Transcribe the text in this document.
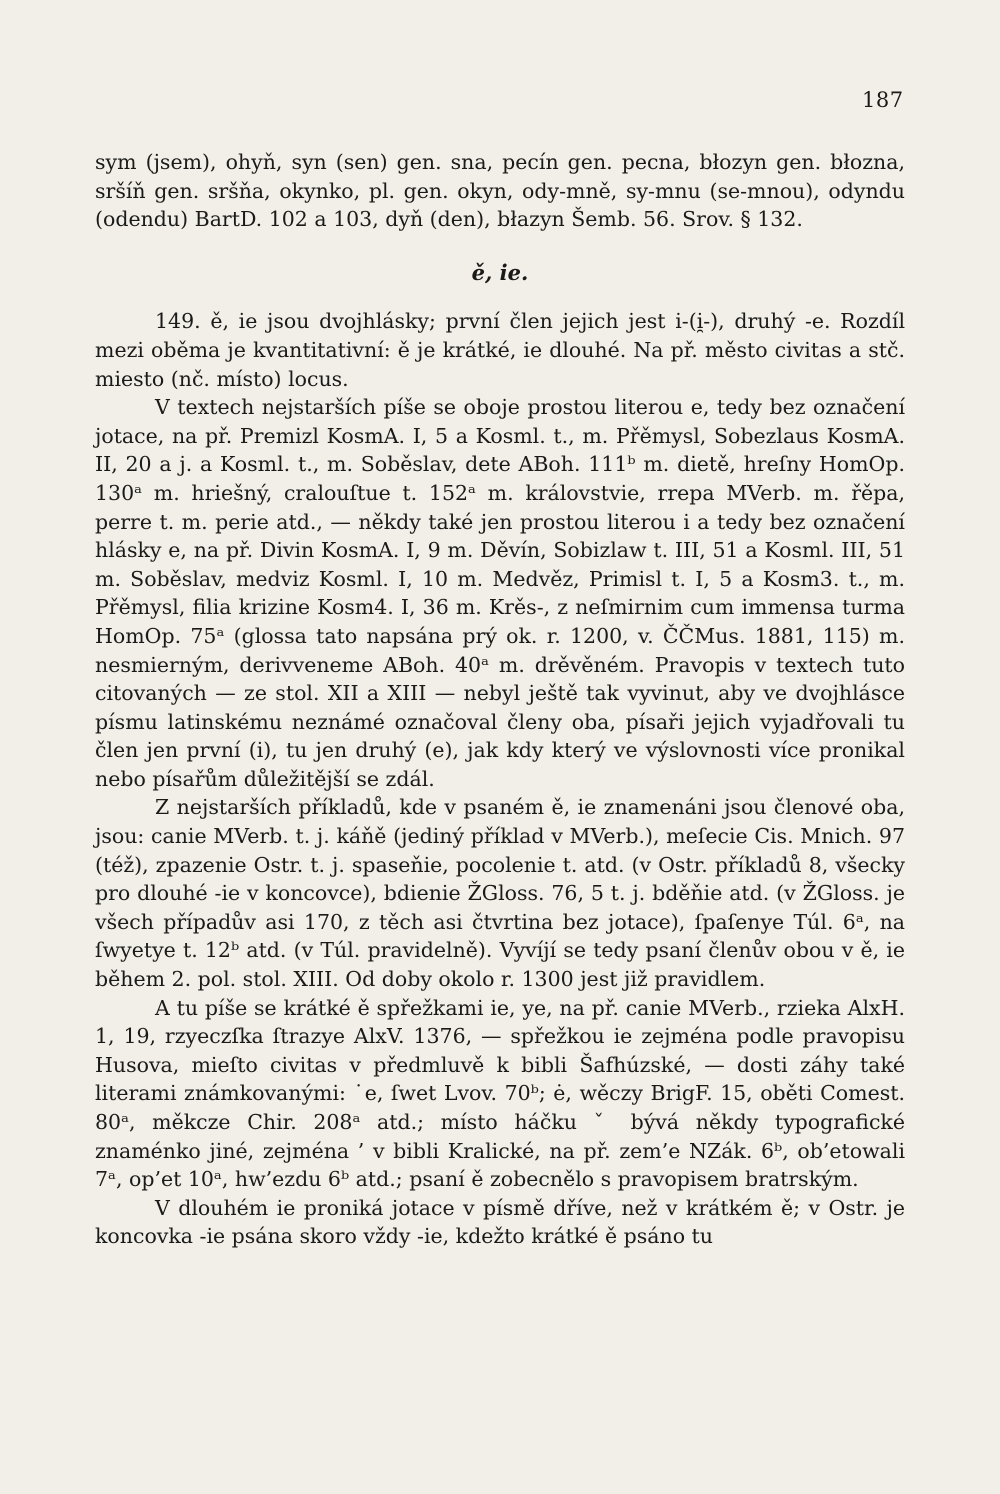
187

sym (jsem), ohyň, syn (sen) gen. sna, pecín gen. pecna, błozyn gen. błozna, sršíň gen. sršňa, okynko, pl. gen. okyn, ody-mně, sy-mnu (se-mnou), odyndu (odendu) BartD. 102 a 103, dyň (den), błazyn Šemb. 56. Srov. § 132.

ě, ie.

149. ě, ie jsou dvojhlásky; první člen jejich jest i-(i̯-), druhý -e. Rozdíl mezi oběma je kvantitativní: ě je krátké, ie dlouhé. Na př. město civitas a stč. miesto (nč. místo) locus.

V textech nejstarších píše se oboje prostou literou e, tedy bez označení jotace, na př. Premizl KosmA. I, 5 a Kosml. t., m. Přěmysl, Sobezlaus KosmA. II, 20 a j. a Kosml. t., m. Soběslav, dete ABoh. 111ᵇ m. dietě, hreſny HomOp. 130ᵃ m. hriešný, cralouſtue t. 152ᵃ m. královstvie, rrepa MVerb. m. řěpa, perre t. m. perie atd., — někdy také jen prostou literou i a tedy bez označení hlásky e, na př. Divin KosmA. I, 9 m. Děvín, Sobizlaw t. III, 51 a Kosml. III, 51 m. Soběslav, medviz Kosml. I, 10 m. Medvěz, Primisl t. I, 5 a Kosm3. t., m. Přěmysl, filia krizine Kosm4. I, 36 m. Krěs-, z neſmirnim cum immensa turma HomOp. 75ᵃ (glossa tato napsána prý ok. r. 1200, v. ČČMus. 1881, 115) m. nesmierným, derivveneme ABoh. 40ᵃ m. drěvěném. Pravopis v textech tuto citovaných — ze stol. XII a XIII — nebyl ještě tak vyvinut, aby ve dvojhlásce písmu latinskému neznámé označoval členy oba, písaři jejich vyjadřovali tu člen jen první (i), tu jen druhý (e), jak kdy který ve výslovnosti více pronikal nebo písařům důležitější se zdál.

Z nejstarších příkladů, kde v psaném ě, ie znamenáni jsou členové oba, jsou: canie MVerb. t. j. káňě (jediný příklad v MVerb.), meſecie Cis. Mnich. 97 (též), zpazenie Ostr. t. j. spaseňie, pocolenie t. atd. (v Ostr. příkladů 8, všecky pro dlouhé -ie v koncovce), bdienie ŽGloss. 76, 5 t. j. bděňie atd. (v ŽGloss. je všech případův asi 170, z těch asi čtvrtina bez jotace), ſpaſenye Túl. 6ᵃ, na ſwyetye t. 12ᵇ atd. (v Túl. pravidelně). Vyvíjí se tedy psaní členův obou v ě, ie během 2. pol. stol. XIII. Od doby okolo r. 1300 jest již pravidlem.

A tu píše se krátké ě spřežkami ie, ye, na př. canie MVerb., rzieka AlxH. 1, 19, rzyeczſka ſtrazye AlxV. 1376, — spřežkou ie zejména podle pravopisu Husova, mieſto civitas v předmluvě k bibli Šafhúzské, — dosti záhy také literami známkovanými: ˙e, ſwet Lvov. 70ᵇ; ė, wěczy BrigF. 15, oběti Comest. 80ᵃ, měkcze Chir. 208ᵃ atd.; místo háčku ˇ bývá někdy typografické znaménko jiné, zejména ’ v bibli Kralické, na př. zem’e NZák. 6ᵇ, ob’etowali 7ᵃ, op’et 10ᵃ, hw’ezdu 6ᵇ atd.; psaní ě zobecnělo s pravopisem bratrským.

V dlouhém ie proniká jotace v písmě dříve, než v krátkém ě; v Ostr. je koncovka -ie psána skoro vždy -ie, kdežto krátké ě psáno tu
